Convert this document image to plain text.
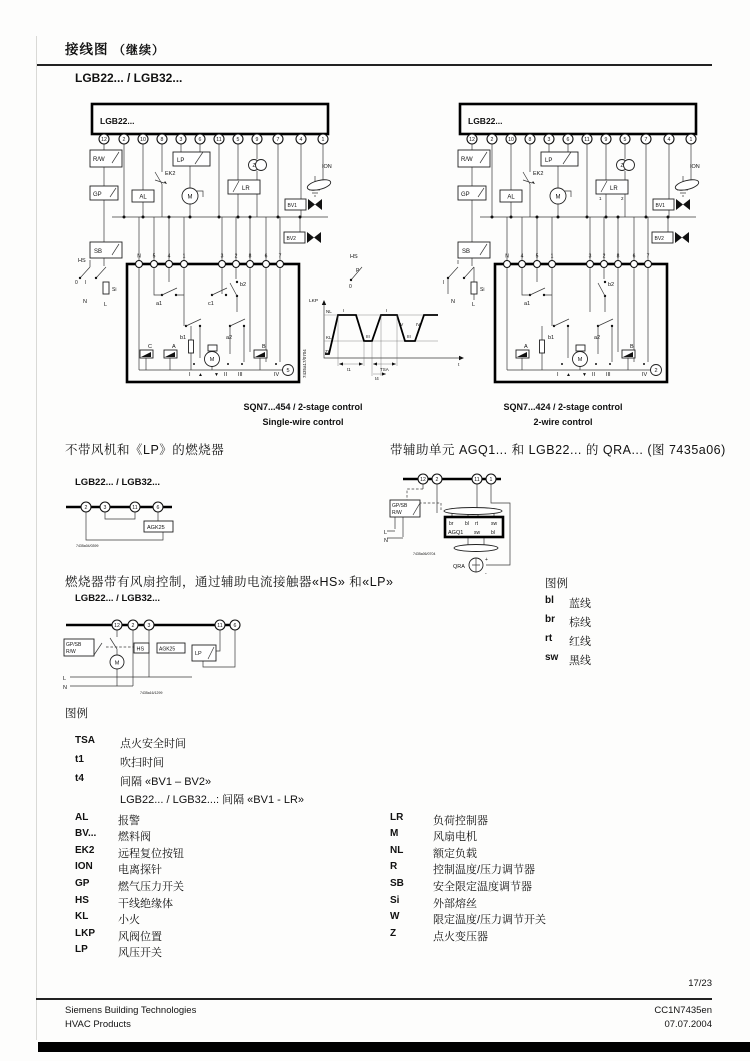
接线图 （继续）
LGB22... / LGB32...
LGB22...
12	2	10	8	3	6	11	5	9	7	4	1
R/W
GP	AL
EK2
LP
M
LR
Z
BV1
ION
SB
HS
0 I
Si
N	L
BV2
N 5 4 1	3 2 8	6 7
a1	c1
b2
b1	a2
C	A	B
M
I ▲ ▼ II III	IV
5	7435a17/0704
HS
P
0
LKP
t
NL
KL
Zü
I
III
I
IV	IV
III
t1	TSA
t4
LGB22...
12	2	10	8	3	6	11	9	5	7	4	1
R/W
GP	AL
EK2
LP
M
LR
1	2
Z
BV1
ION
SB
I
Si
N	L
BV2
N 4 5 1	3 2 8	6 7
a1
b2
b1	a2
A	B
M
I ▲ ▼ II III	IV
2
SQN7...454 / 2-stage control
Single-wire control
SQN7...424 / 2-stage control
2-wire control
不带风机和《LP》的燃烧器
LGB22... / LGB32...
AGK25
2	3	11	6
7435a04/0399
带辅助单元 AGQ1... 和 LGB22... 的 QRA... (图 7435a06)
GP/SB
R/W
L
N
br bl rt	sw
AGQ1 sw bl
QRA
+
-
12 2	11 1
7435a06/0704
图例
bl	蓝线
br	棕线
rt	红线
sw 黑线
燃烧器带有风扇控制，通过辅助电流接触器«HS» 和«LP»
LGB22... / LGB32...
GP/SB
R/W
M
HS	AGK25
LP
L
N
12 2	3	11 6
7435a16/1299
图例
TSA	点火安全时间
t1	吹扫时间
t4	间隔 «BV1 – BV2»
LGB22... / LGB32...: 间隔 «BV1 - LR»
AL	报警
BV...	燃料阀
EK2	远程复位按钮
ION	电离探针
GP	燃气压力开关
HS	干线绝缘体
KL	小火
LKP	风阀位置
LP	风压开关
LR	负荷控制器
M	风扇电机
NL	额定负载
R	控制温度/压力调节器
SB	安全限定温度调节器
Si	外部熔丝
W	限定温度/压力调节开关
Z	点火变压器
17/23
Siemens Building Technologies
HVAC Products
CC1N7435en
07.07.2004
